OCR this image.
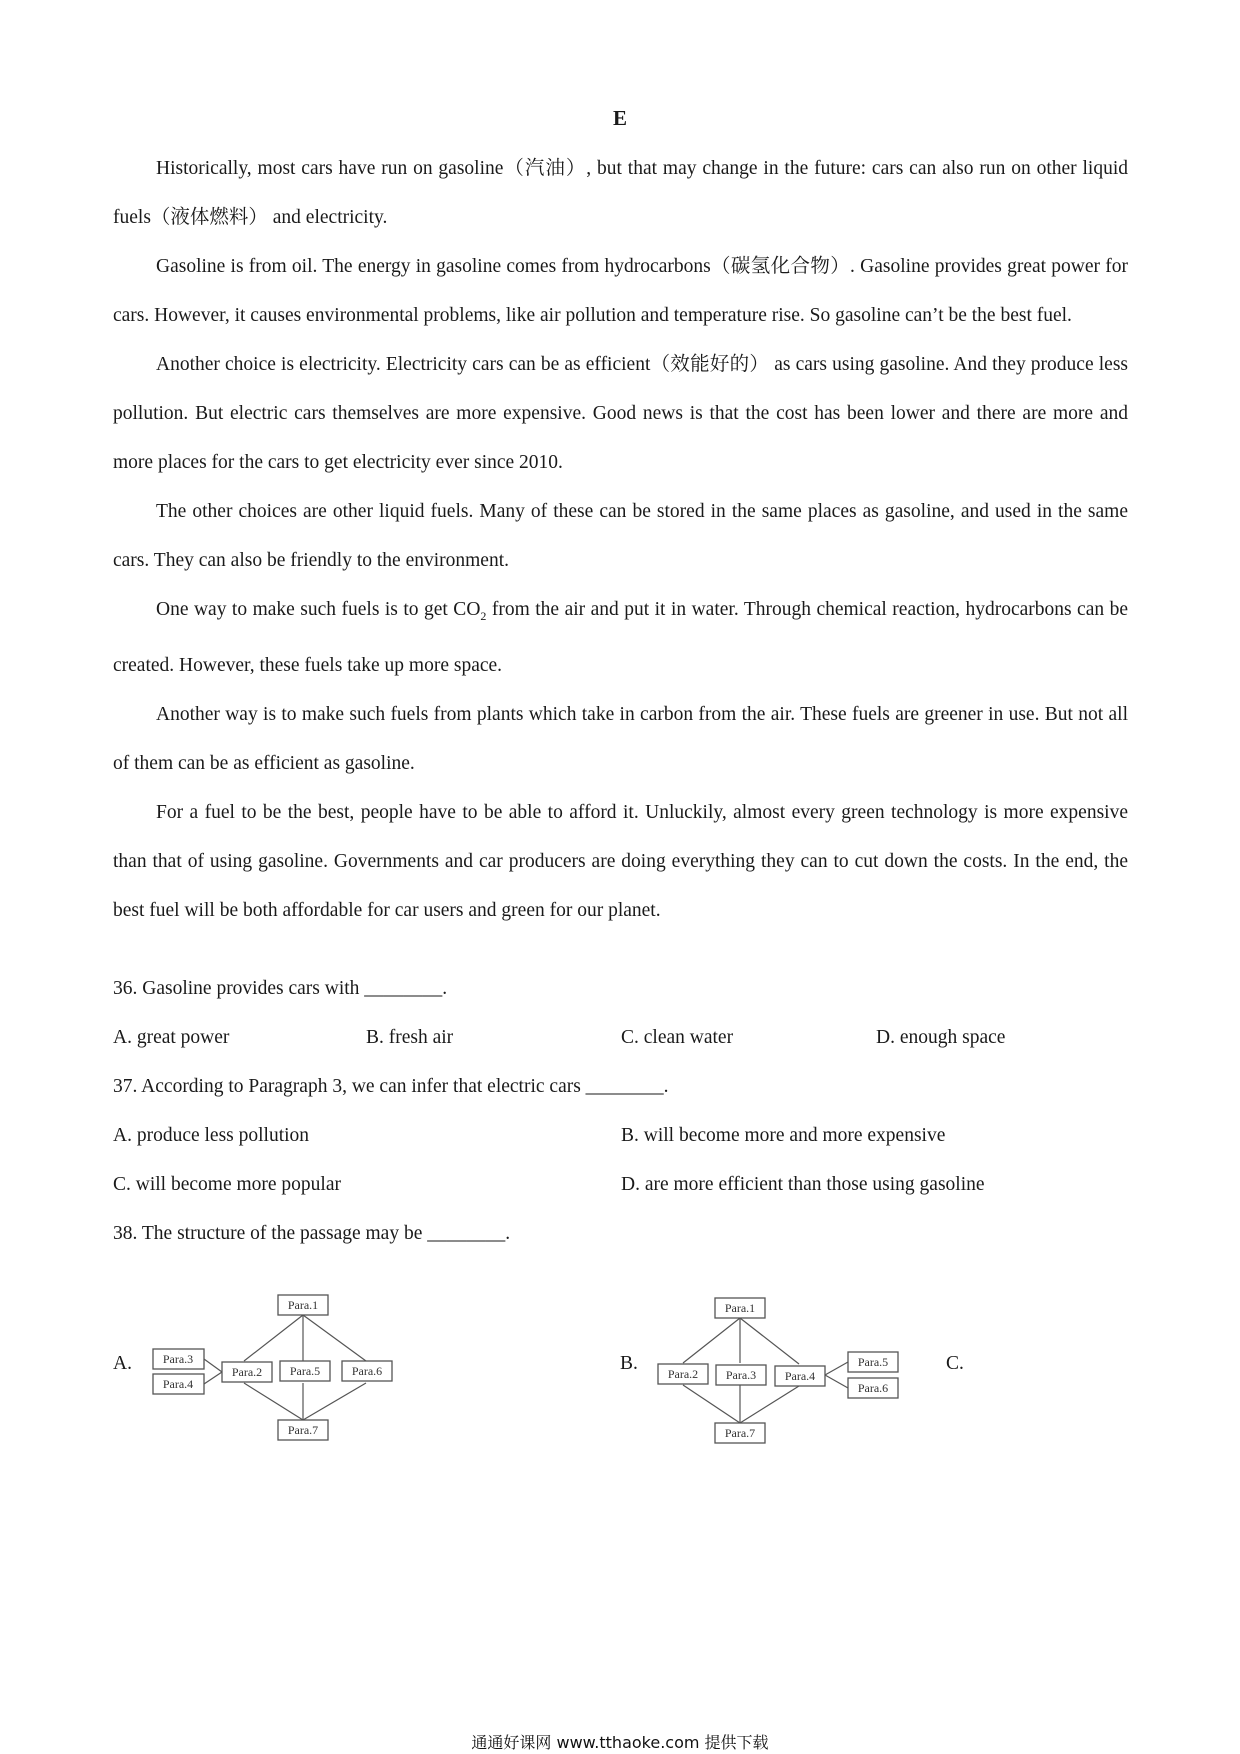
E

Historically, most cars have run on gasoline（汽油）, but that may change in the future: cars can also run on other liquid fuels（液体燃料） and electricity.

Gasoline is from oil. The energy in gasoline comes from hydrocarbons（碳氢化合物）. Gasoline provides great power for cars. However, it causes environmental problems, like air pollution and temperature rise. So gasoline can’t be the best fuel.

Another choice is electricity. Electricity cars can be as efficient（效能好的） as cars using gasoline. And they produce less pollution. But electric cars themselves are more expensive. Good news is that the cost has been lower and there are more and more places for the cars to get electricity ever since 2010.

The other choices are other liquid fuels. Many of these can be stored in the same places as gasoline, and used in the same cars. They can also be friendly to the environment.

One way to make such fuels is to get $CO_2$ from the air and put it in water. Through chemical reaction, hydrocarbons can be created. However, these fuels take up more space.

Another way is to make such fuels from plants which take in carbon from the air. These fuels are greener in use. But not all of them can be as efficient as gasoline.

For a fuel to be the best, people have to be able to afford it. Unluckily, almost every green technology is more expensive than that of using gasoline. Governments and car producers are doing everything they can to cut down the costs. In the end, the best fuel will be both affordable for car users and green for our planet.

36. Gasoline provides cars with ________.
A. great power	B. fresh air	C. clean water	D. enough space
37. According to Paragraph 3, we can infer that electric cars ________.
A. produce less pollution	B. will become more and more expensive
C. will become more popular	D. are more efficient than those using gasoline
38. The structure of the passage may be ________.
A.	B.	C.
Para.1
Para.3
Para.4
Para.2 Para.5	Para.6
Para.7
Para.1
Para.2 Para.3 Para.4
Para.5
Para.6
Para.7
通通好课网 www.tthaoke.com 提供下载
